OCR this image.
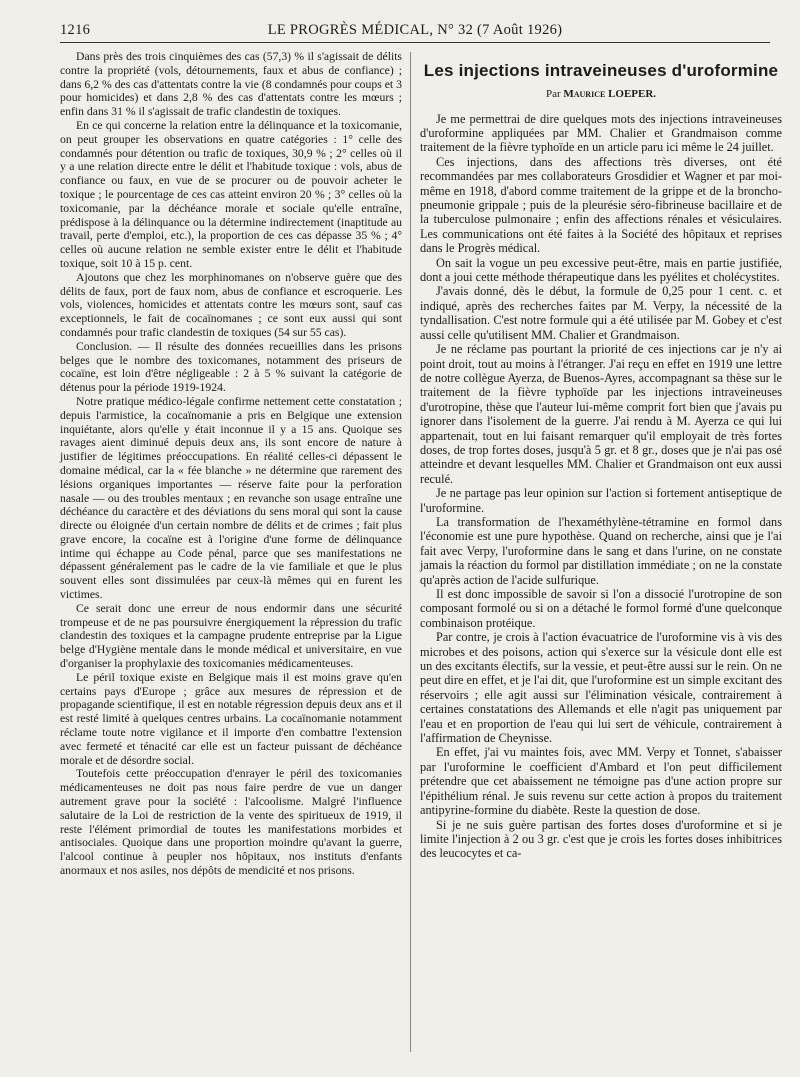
1216	LE PROGRÈS MÉDICAL, N° 32 (7 Août 1926)

Dans près des trois cinquièmes des cas (57,3) % il s'agissait de délits contre la propriété (vols, détournements, faux et abus de confiance) ; dans 6,2 % des cas d'attentats contre la vie (8 condamnés pour coups et 3 pour homicides) et dans 2,8 % des cas d'attentats contre les mœurs ; enfin dans 31 % il s'agissait de trafic clandestin de toxiques.

En ce qui concerne la relation entre la délinquance et la toxicomanie, on peut grouper les observations en quatre catégories : 1° celle des condamnés pour détention ou trafic de toxiques, 30,9 % ; 2° celles où il y a une relation directe entre le délit et l'habitude toxique : vols, abus de confiance ou faux, en vue de se procurer ou de pouvoir acheter le toxique ; le pourcentage de ces cas atteint environ 20 % ; 3° celles où la toxicomanie, par la déchéance morale et sociale qu'elle entraîne, prédispose à la délinquance ou la détermine indirectement (inaptitude au travail, perte d'emploi, etc.), la proportion de ces cas dépasse 35 % ; 4° celles où aucune relation ne semble exister entre le délit et l'habitude toxique, soit 10 à 15 p. cent.

Ajoutons que chez les morphinomanes on n'observe guère que des délits de faux, port de faux nom, abus de confiance et escroquerie. Les vols, violences, homicides et attentats contre les mœurs sont, sauf cas exceptionnels, le fait de cocaïnomanes ; ce sont eux aussi qui sont condamnés pour trafic clandestin de toxiques (54 sur 55 cas).

Conclusion. — Il résulte des données recueillies dans les prisons belges que le nombre des toxicomanes, notamment des priseurs de cocaïne, est loin d'être négligeable : 2 à 5 % suivant la catégorie de détenus pour la période 1919-1924.

Notre pratique médico-légale confirme nettement cette constatation ; depuis l'armistice, la cocaïnomanie a pris en Belgique une extension inquiétante, alors qu'elle y était inconnue il y a 15 ans. Quoique ses ravages aient diminué depuis deux ans, ils sont encore de nature à justifier de légitimes préoccupations. En réalité celles-ci dépassent le domaine médical, car la « fée blanche » ne détermine que rarement des lésions organiques importantes — réserve faite pour la perforation nasale — ou des troubles mentaux ; en revanche son usage entraîne une déchéance du caractère et des déviations du sens moral qui sont la cause directe ou éloignée d'un certain nombre de délits et de crimes ; fait plus grave encore, la cocaïne est à l'origine d'une forme de délinquance intime qui échappe au Code pénal, parce que ses manifestations ne dépassent généralement pas le cadre de la vie familiale et que le plus souvent elles sont dissimulées par ceux-là mêmes qui en furent les victimes.

Ce serait donc une erreur de nous endormir dans une sécurité trompeuse et de ne pas poursuivre énergiquement la répression du trafic clandestin des toxiques et la campagne prudente entreprise par la Ligue belge d'Hygiène mentale dans le monde médical et universitaire, en vue d'organiser la prophylaxie des toxicomanies médicamenteuses.

Le péril toxique existe en Belgique mais il est moins grave qu'en certains pays d'Europe ; grâce aux mesures de répression et de propagande scientifique, il est en notable régression depuis deux ans et il est resté limité à quelques centres urbains. La cocaïnomanie notamment réclame toute notre vigilance et il importe d'en combattre l'extension avec fermeté et ténacité car elle est un facteur puissant de déchéance morale et de désordre social.

Toutefois cette préoccupation d'enrayer le péril des toxicomanies médicamenteuses ne doit pas nous faire perdre de vue un danger autrement grave pour la société : l'alcoolisme. Malgré l'influence salutaire de la Loi de restriction de la vente des spiritueux de 1919, il reste l'élément primordial de toutes les manifestations morbides et antisociales. Quoique dans une proportion moindre qu'avant la guerre, l'alcool continue à peupler nos hôpitaux, nos instituts d'enfants anormaux et nos asiles, nos dépôts de mendicité et nos prisons.

Les injections intraveineuses d'uroformine
Par Maurice LOEPER.

Je me permettrai de dire quelques mots des injections intraveineuses d'uroformine appliquées par MM. Chalier et Grandmaison comme traitement de la fièvre typhoïde en un article paru ici même le 24 juillet.

Ces injections, dans des affections très diverses, ont été recommandées par mes collaborateurs Grosdidier et Wagner et par moi-même en 1918, d'abord comme traitement de la grippe et de la broncho-pneumonie grippale ; puis de la pleurésie séro-fibrineuse bacillaire et de la tuberculose pulmonaire ; enfin des affections rénales et vésiculaires. Les communications ont été faites à la Société des hôpitaux et reprises dans le Progrès médical.

On sait la vogue un peu excessive peut-être, mais en partie justifiée, dont a joui cette méthode thérapeutique dans les pyélites et cholécystites.

J'avais donné, dès le début, la formule de 0,25 pour 1 cent. c. et indiqué, après des recherches faites par M. Verpy, la nécessité de la tyndallisation. C'est notre formule qui a été utilisée par M. Gobey et c'est aussi celle qu'utilisent MM. Chalier et Grandmaison.

Je ne réclame pas pourtant la priorité de ces injections car je n'y ai point droit, tout au moins à l'étranger. J'ai reçu en effet en 1919 une lettre de notre collègue Ayerza, de Buenos-Ayres, accompagnant sa thèse sur le traitement de la fièvre typhoïde par les injections intraveineuses d'urotropine, thèse que l'auteur lui-même comprit fort bien que j'avais pu ignorer dans l'isolement de la guerre. J'ai rendu à M. Ayerza ce qui lui appartenait, tout en lui faisant remarquer qu'il employait de très fortes doses, de trop fortes doses, jusqu'à 5 gr. et 8 gr., doses que je n'ai pas osé atteindre et devant lesquelles MM. Chalier et Grandmaison ont eux aussi reculé.

Je ne partage pas leur opinion sur l'action si fortement antiseptique de l'uroformine.

La transformation de l'hexaméthylène-tétramine en formol dans l'économie est une pure hypothèse. Quand on recherche, ainsi que je l'ai fait avec Verpy, l'uroformine dans le sang et dans l'urine, on ne constate jamais la réaction du formol par distillation immédiate ; on ne la constate qu'après action de l'acide sulfurique.

Il est donc impossible de savoir si l'on a dissocié l'urotropine de son composant formolé ou si on a détaché le formol formé d'une quelconque combinaison protéique.

Par contre, je crois à l'action évacuatrice de l'uroformine vis à vis des microbes et des poisons, action qui s'exerce sur la vésicule dont elle est un des excitants électifs, sur la vessie, et peut-être aussi sur le rein. On ne peut dire en effet, et je l'ai dit, que l'uroformine est un simple excitant des réservoirs ; elle agit aussi sur l'élimination vésicale, contrairement à certaines constatations des Allemands et elle n'agit pas uniquement par l'eau et en proportion de l'eau qui lui sert de véhicule, contrairement à l'affirmation de Cheynisse.

En effet, j'ai vu maintes fois, avec MM. Verpy et Tonnet, s'abaisser par l'uroformine le coefficient d'Ambard et l'on peut difficilement prétendre que cet abaissement ne témoigne pas d'une action propre sur l'épithélium rénal. Je suis revenu sur cette action à propos du traitement antipyrine-formine du diabète. Reste la question de dose.

Si je ne suis guère partisan des fortes doses d'uroformine et si je limite l'injection à 2 ou 3 gr. c'est que je crois les fortes doses inhibitrices des leucocytes et ca-
